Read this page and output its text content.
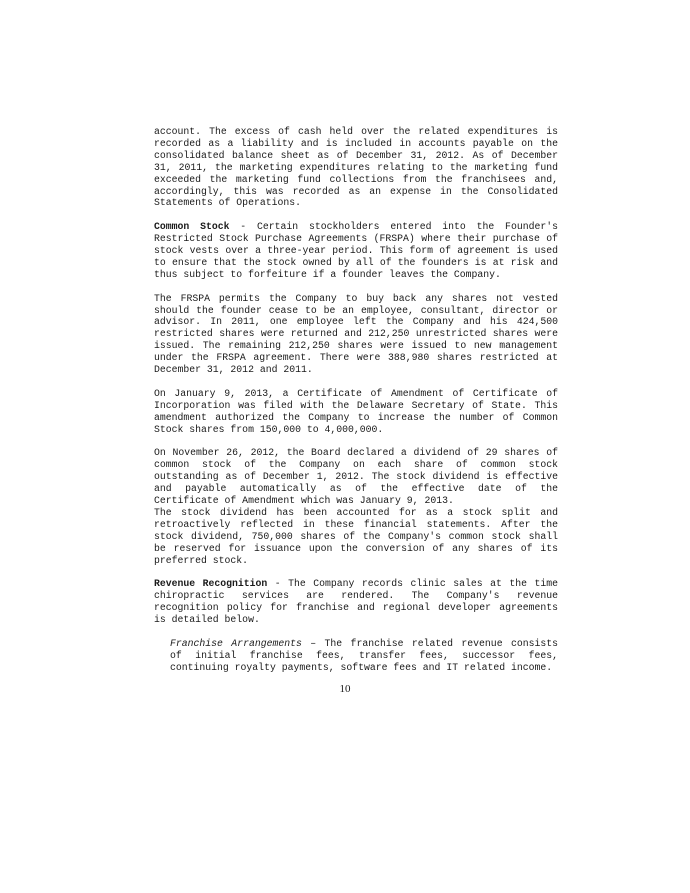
account. The excess of cash held over the related expenditures is recorded as a liability and is included in accounts payable on the consolidated balance sheet as of December 31, 2012. As of December 31, 2011, the marketing expenditures relating to the marketing fund exceeded the marketing fund collections from the franchisees and, accordingly, this was recorded as an expense in the Consolidated Statements of Operations.

Common Stock - Certain stockholders entered into the Founder's Restricted Stock Purchase Agreements (FRSPA) where their purchase of stock vests over a three-year period. This form of agreement is used to ensure that the stock owned by all of the founders is at risk and thus subject to forfeiture if a founder leaves the Company.

The FRSPA permits the Company to buy back any shares not vested should the founder cease to be an employee, consultant, director or advisor. In 2011, one employee left the Company and his 424,500 restricted shares were returned and 212,250 unrestricted shares were issued. The remaining 212,250 shares were issued to new management under the FRSPA agreement. There were 388,980 shares restricted at December 31, 2012 and 2011.

On January 9, 2013, a Certificate of Amendment of Certificate of Incorporation was filed with the Delaware Secretary of State. This amendment authorized the Company to increase the number of Common Stock shares from 150,000 to 4,000,000.

On November 26, 2012, the Board declared a dividend of 29 shares of common stock of the Company on each share of common stock outstanding as of December 1, 2012. The stock dividend is effective and payable automatically as of the effective date of the Certificate of Amendment which was January 9, 2013.

The stock dividend has been accounted for as a stock split and retroactively reflected in these financial statements. After the stock dividend, 750,000 shares of the Company's common stock shall be reserved for issuance upon the conversion of any shares of its preferred stock.

Revenue Recognition - The Company records clinic sales at the time chiropractic services are rendered. The Company's revenue recognition policy for franchise and regional developer agreements is detailed below.

Franchise Arrangements – The franchise related revenue consists of initial franchise fees, transfer fees, successor fees, continuing royalty payments, software fees and IT related income.

10
